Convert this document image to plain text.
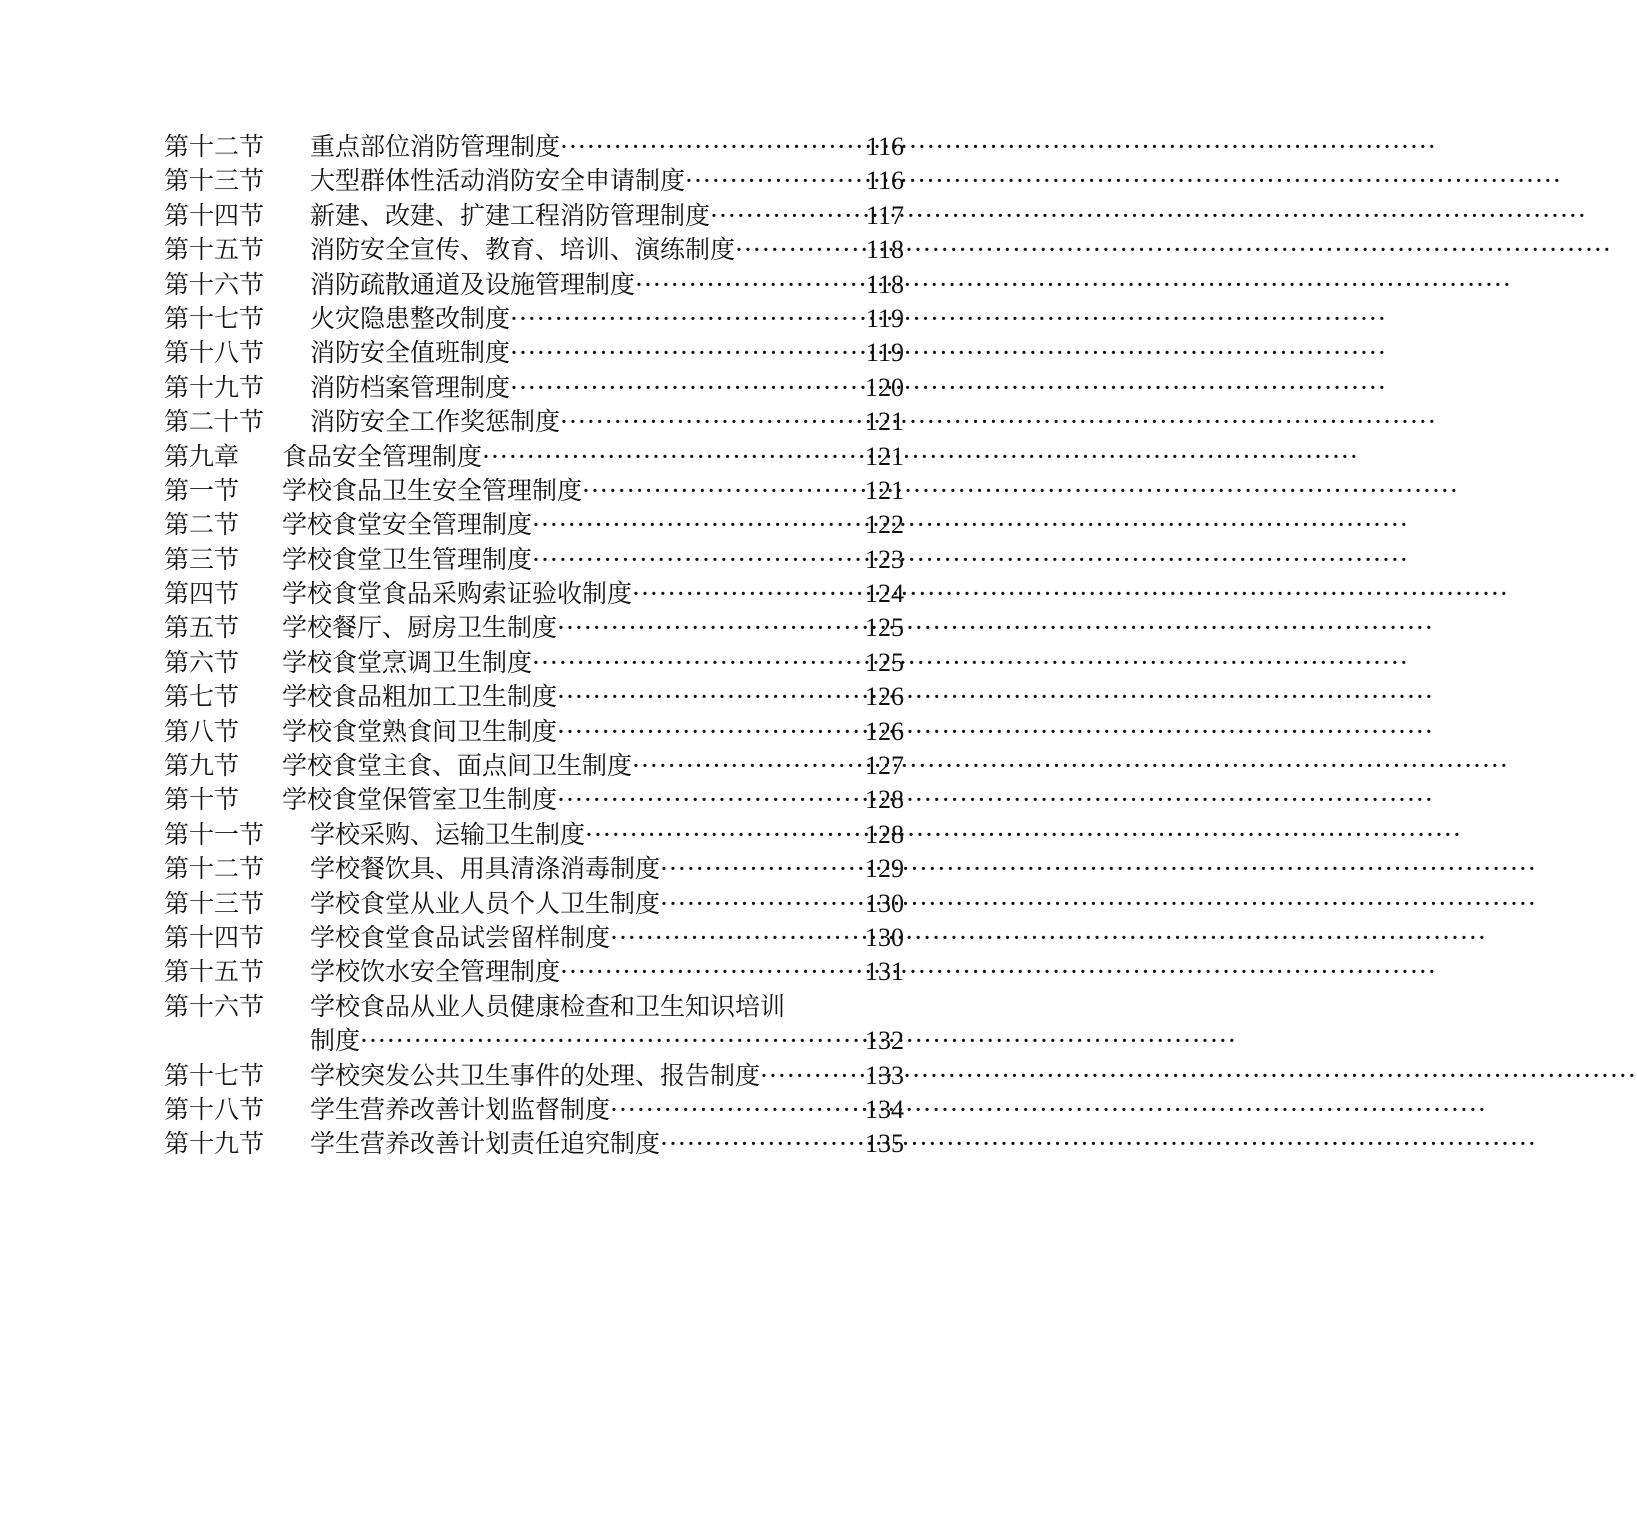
第十二节	重点部位消防管理制度 ·····	116
第十三节	大型群体性活动消防安全申请制度 ·····	116
第十四节	新建、改建、扩建工程消防管理制度 ·····	117
第十五节	消防安全宣传、教育、培训、演练制度 ·····	118
第十六节	消防疏散通道及设施管理制度 ·····	118
第十七节	火灾隐患整改制度 ·····	119
第十八节	消防安全值班制度 ·····	119
第十九节	消防档案管理制度 ·····	120
第二十节	消防安全工作奖惩制度 ·····	121
第九章	食品安全管理制度 ·····	121
第一节	学校食品卫生安全管理制度 ·····	121
第二节	学校食堂安全管理制度 ·····	122
第三节	学校食堂卫生管理制度 ·····	123
第四节	学校食堂食品采购索证验收制度 ·····	124
第五节	学校餐厅、厨房卫生制度 ·····	125
第六节	学校食堂烹调卫生制度 ·····	125
第七节	学校食品粗加工卫生制度 ·····	126
第八节	学校食堂熟食间卫生制度 ·····	126
第九节	学校食堂主食、面点间卫生制度 ·····	127
第十节	学校食堂保管室卫生制度 ·····	128
第十一节	学校采购、运输卫生制度 ·····	128
第十二节	学校餐饮具、用具清涤消毒制度 ·····	129
第十三节	学校食堂从业人员个人卫生制度 ·····	130
第十四节	学校食堂食品试尝留样制度 ·····	130
第十五节	学校饮水安全管理制度 ·····	131
第十六节	学校食品从业人员健康检查和卫生知识培训
制度 ·····	132
第十七节	学校突发公共卫生事件的处理、报告制度 ·····	133
第十八节	学生营养改善计划监督制度 ·····	134
第十九节	学生营养改善计划责任追究制度 ·····	135
